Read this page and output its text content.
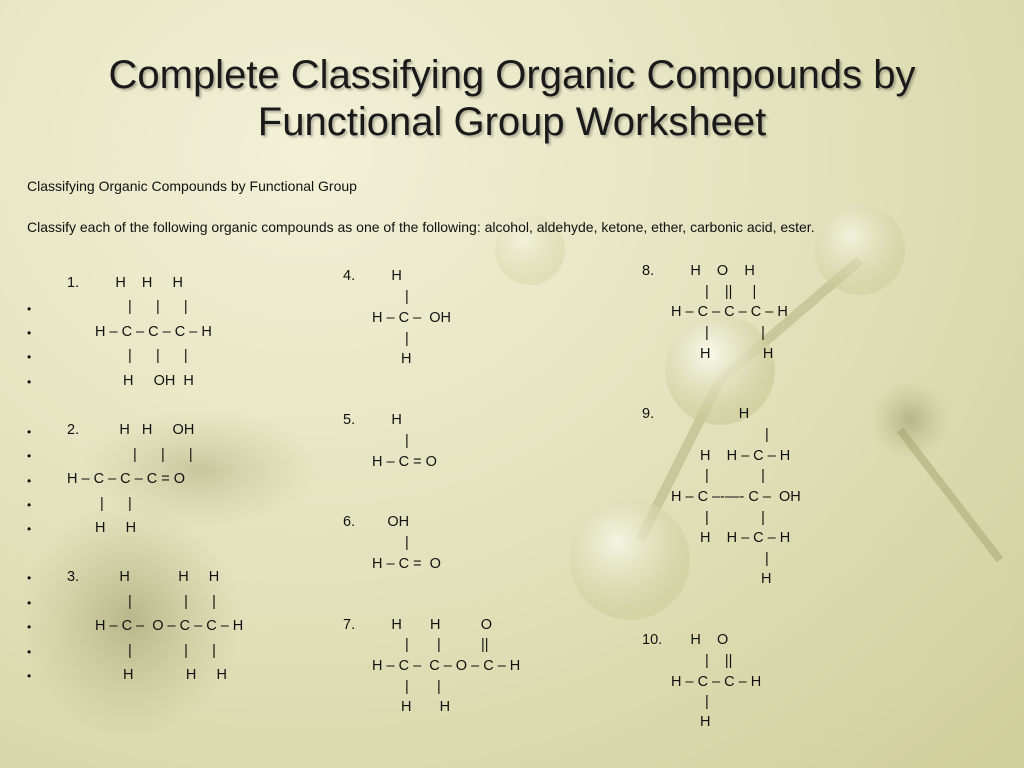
Complete Classifying Organic Compounds by
Functional Group Worksheet
Classifying Organic Compounds by Functional Group
Classify each of the following organic compounds as one of the following: alcohol, aldehyde, ketone, ether, carbonic acid, ester.
•
•
•
•
•
•
•
•
•
•
•
•
•
•
1.         H    H     H
|      |      |
H – C – C – C – H
|      |      |
H     OH  H
2.          H   H     OH
|      |      |
H – C – C – C = O
|      |
H     H
3.          H            H     H
|             |      |
H – C –  O – C – C – H
|             |      |
H             H     H
4.         H
|
H – C –  OH
|
H
5.         H
|
H – C = O
6.        OH
|
H – C =  O
7.         H       H          O
|       |          ||
H – C –  C – O – C – H
|       |
H       H
8.         H    O    H
|    ||     |
H – C – C – C – H
|             |
H             H
9.                     H
|
H    H – C – H
|             |
H – C –-—- C –  OH
|             |
H    H – C – H
|
H
10.       H    O
|    ||
H – C – C – H
|
H
